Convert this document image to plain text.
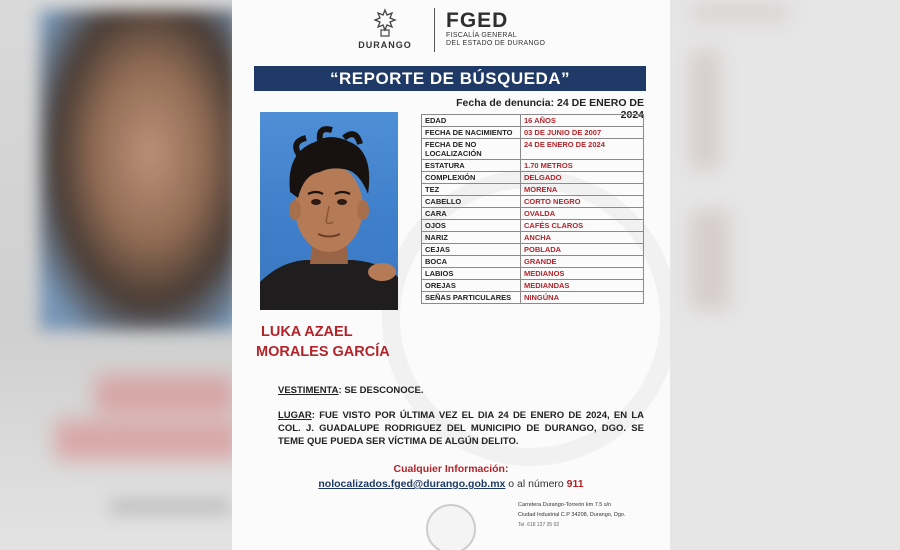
DURANGO
FGED
FISCALÍA GENERAL
DEL ESTADO DE DURANGO
“REPORTE DE BÚSQUEDA”
Fecha de denuncia: 24 DE ENERO DE 2024
LUKA AZAEL
MORALES GARCÍA
EDAD	16 AÑOS
FECHA DE NACIMIENTO	03 DE JUNIO DE 2007
FECHA DE NO LOCALIZACIÓN	24 DE ENERO DE 2024
ESTATURA	1.70 METROS
COMPLEXIÓN	DELGADO
TEZ	MORENA
CABELLO	CORTO NEGRO
CARA	OVALDA
OJOS	CAFÉS CLAROS
NARIZ	ANCHA
CEJAS	POBLADA
BOCA	GRANDE
LABIOS	MEDIANOS
OREJAS	MEDIANDAS
SEÑAS PARTICULARES	NINGÚNA
VESTIMENTA: SE DESCONOCE.
LUGAR: FUE VISTO POR ÚLTIMA VEZ EL DIA 24 DE ENERO DE 2024, EN LA COL. J. GUADALUPE RODRIGUEZ DEL MUNICIPIO DE DURANGO, DGO. SE TEME QUE PUEDA SER VÍCTIMA DE ALGÚN DELITO.
Cualquier Información:
nolocalizados.fged@durango.gob.mx o al número 911
Carretera Durango-Torreón km 7.5 s/n
Ciudad Industrial C.P 34208, Durango, Dgo.
Tel. 618 137 35 02
